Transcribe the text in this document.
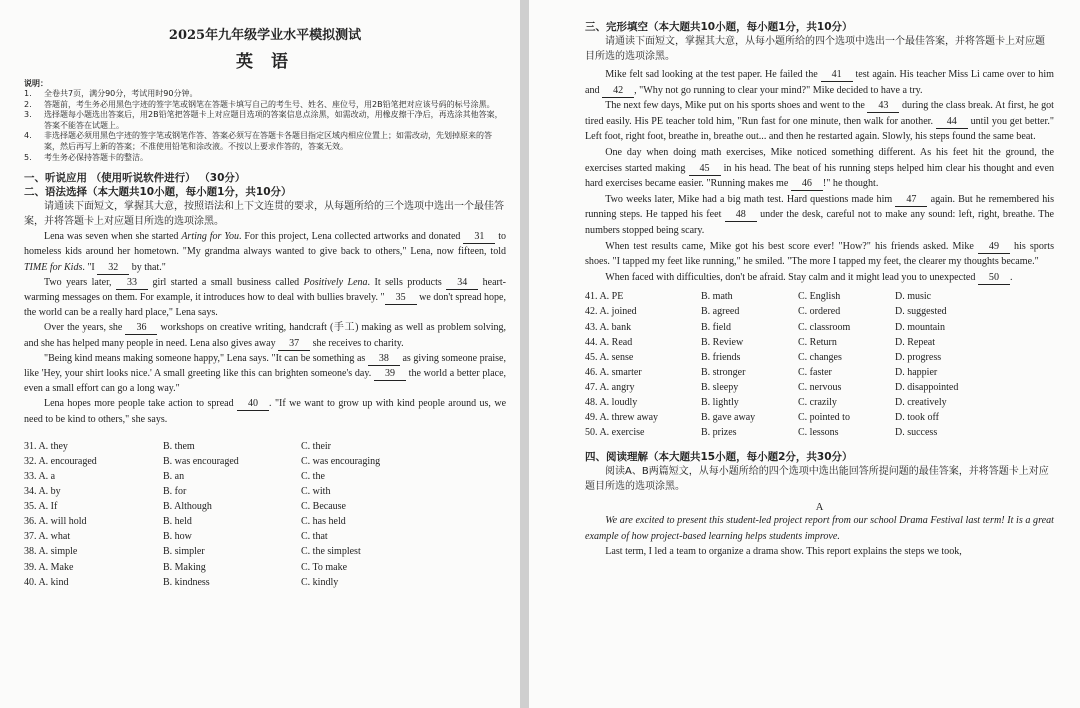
2025年九年级学业水平模拟测试
英 语
说明：
1.	全卷共7页，满分90分，考试用时90分钟。
2.	答题前，考生务必用黑色字迹的签字笔或钢笔在答题卡填写自己的考生号、姓名、座位号，用2B铅笔把对应该号码的标号涂黑。
3.	选择题每小题选出答案后，用2B铅笔把答题卡上对应题目选项的答案信息点涂黑，如需改动，用橡皮擦干净后，再选涂其他答案，答案不能答在试题上。
4.	非选择题必须用黑色字迹的签字笔或钢笔作答、答案必须写在答题卡各题目指定区域内相应位置上；如需改动，先划掉原来的答案，然后再写上新的答案；不准使用铅笔和涂改液。不按以上要求作答的，答案无效。
5.	考生务必保持答题卡的整洁。
一、听说应用 （使用听说软件进行） （30分）
二、语法选择（本大题共10小题，每小题1分，共10分）
请通读下面短文，掌握其大意，按照语法和上下文连贯的要求，从每题所给的三个选项中选出一个最佳答案，并将答题卡上对应题目所选的选项涂黑。

Lena was seven when she started Arting for You. For this project, Lena collected artworks and donated 31 to homeless kids around her hometown. "My grandma always wanted to give back to others," Lena, now fifteen, told TIME for Kids. "I 32 by that."

Two years later, 33 girl started a small business called Positively Lena. It sells products 34 heart-warming messages on them. For example, it introduces how to deal with bullies bravely. " 35 we don't spread hope, the world can be a really hard place," Lena says.

Over the years, she 36 workshops on creative writing, handcraft (手工) making as well as problem solving, and she has helped many people in need. Lena also gives away 37 she receives to charity.

"Being kind means making someone happy," Lena says. "It can be something as 38 as giving someone praise, like 'Hey, your shirt looks nice.' A small greeting like this can brighten someone's day. 39 the world a better place, even a small effort can go a long way."

Lena hopes more people take action to spread 40 . "If we want to grow up with kind people around us, we need to be kind to others," she says.

31. A. they	B. them	C. their
32. A. encouraged	B. was encouraged	C. was encouraging
33. A. a	B. an	C. the
34. A. by	B. for	C. with
35. A. If	B. Although	C. Because
36. A. will hold	B. held	C. has held
37. A. what	B. how	C. that
38. A. simple	B. simpler	C. the simplest
39. A. Make	B. Making	C. To make
40. A. kind	B. kindness	C. kindly
三、完形填空（本大题共10小题，每小题1分，共10分）
请通读下面短文，掌握其大意，从每小题所给的四个选项中选出一个最佳答案，并将答题卡上对应题目所选的选项涂黑。

Mike felt sad looking at the test paper. He failed the 41 test again. His teacher Miss Li came over to him and 42 , "Why not go running to clear your mind?" Mike decided to have a try.

The next few days, Mike put on his sports shoes and went to the 43 during the class break. At first, he got tired easily. His PE teacher told him, "Run fast for one minute, then walk for another. 44 until you get better." Left foot, right foot, breathe in, breathe out... and then he restarted again. Slowly, his steps found the same beat.

One day when doing math exercises, Mike noticed something different. As his feet hit the ground, the exercises started making 45 in his head. The beat of his running steps helped him clear his thought and even hard exercises became easier. "Running makes me 46 !" he thought.

Two weeks later, Mike had a big math test. Hard questions made him 47 again. But he remembered his running steps. He tapped his feet 48 under the desk, careful not to make any sound: left, right, breathe. The numbers stopped being scary.

When test results came, Mike got his best score ever! "How?" his friends asked. Mike 49 his sports shoes. "I tapped my feet like running," he smiled. "The more I tapped my feet, the clearer my thoughts became."

When faced with difficulties, don't be afraid. Stay calm and it might lead you to unexpected 50 .

41. A. PE	B. math	C. English	D. music
42. A. joined	B. agreed	C. ordered	D. suggested
43. A. bank	B. field	C. classroom	D. mountain
44. A. Read	B. Review	C. Return	D. Repeat
45. A. sense	B. friends	C. changes	D. progress
46. A. smarter	B. stronger	C. faster	D. happier
47. A. angry	B. sleepy	C. nervous	D. disappointed
48. A. loudly	B. lightly	C. crazily	D. creatively
49. A. threw away	B. gave away	C. pointed to	D. took off
50. A. exercise	B. prizes	C. lessons	D. success
四、阅读理解（本大题共15小题，每小题2分，共30分）
阅读A、B两篇短文，从每小题所给的四个选项中选出能回答所提问题的最佳答案，并将答题卡上对应题目所选的选项涂黑。
A

We are excited to present this student-led project report from our school Drama Festival last term! It is a great example of how project-based learning helps students improve.

Last term, I led a team to organize a drama show. This report explains the steps we took,
